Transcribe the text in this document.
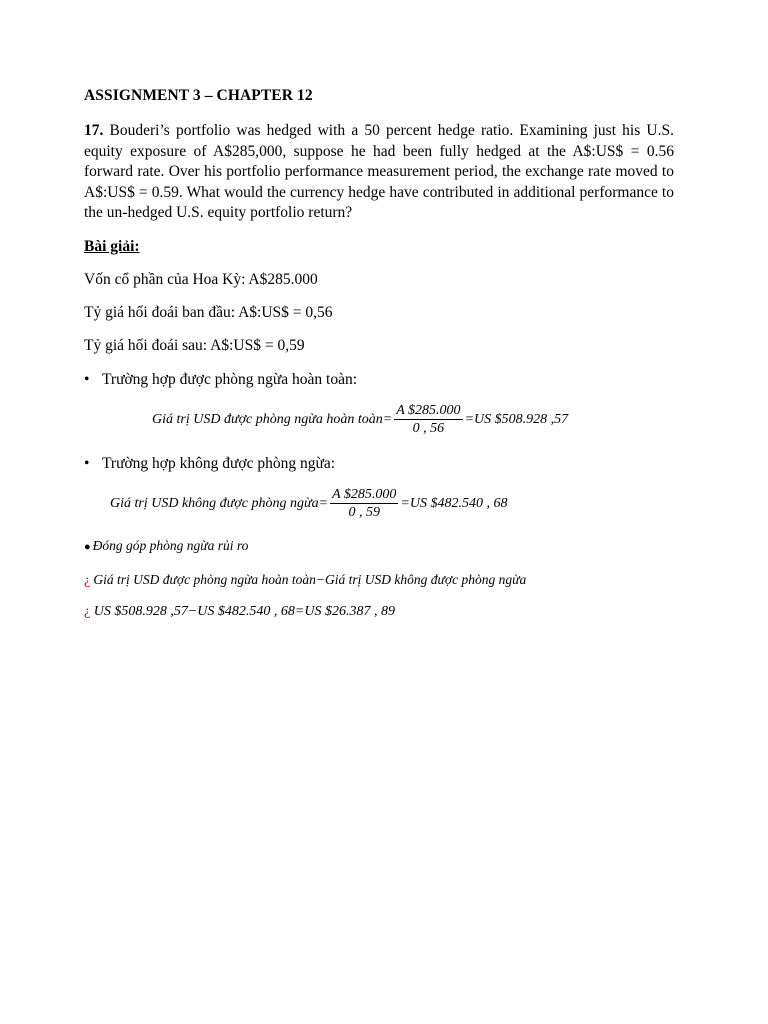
ASSIGNMENT 3 – CHAPTER 12
17. Bouderi’s portfolio was hedged with a 50 percent hedge ratio. Examining just his U.S. equity exposure of A$285,000, suppose he had been fully hedged at the A$:US$ = 0.56 forward rate. Over his portfolio performance measurement period, the exchange rate moved to A$:US$ = 0.59. What would the currency hedge have contributed in additional performance to the un-hedged U.S. equity portfolio return?
Bài giải:
Vốn cổ phần của Hoa Kỳ: A$285.000
Tỷ giá hối đoái ban đầu: A$:US$ = 0,56
Tỷ giá hối đoái sau: A$:US$ = 0,59
• Trường hợp được phòng ngừa hoàn toàn:
Giá trị USD được phòng ngừa hoàn toàn= $\frac{A \$285.000}{0 , 56} =US$ $508.928 ,57
• Trường hợp không được phòng ngừa:
Giá trị USD không được phòng ngừa= $\frac{A \$285.000}{0 , 59} =US$ $482.540 , 68
● Đóng góp phòng ngừa rủi ro
¿ Giá trị USD được phòng ngừa hoàn toàn−Giá trị USD không được phòng ngừa
¿ US $508.928 ,57−US $482.540 , 68=US $26.387 , 89
